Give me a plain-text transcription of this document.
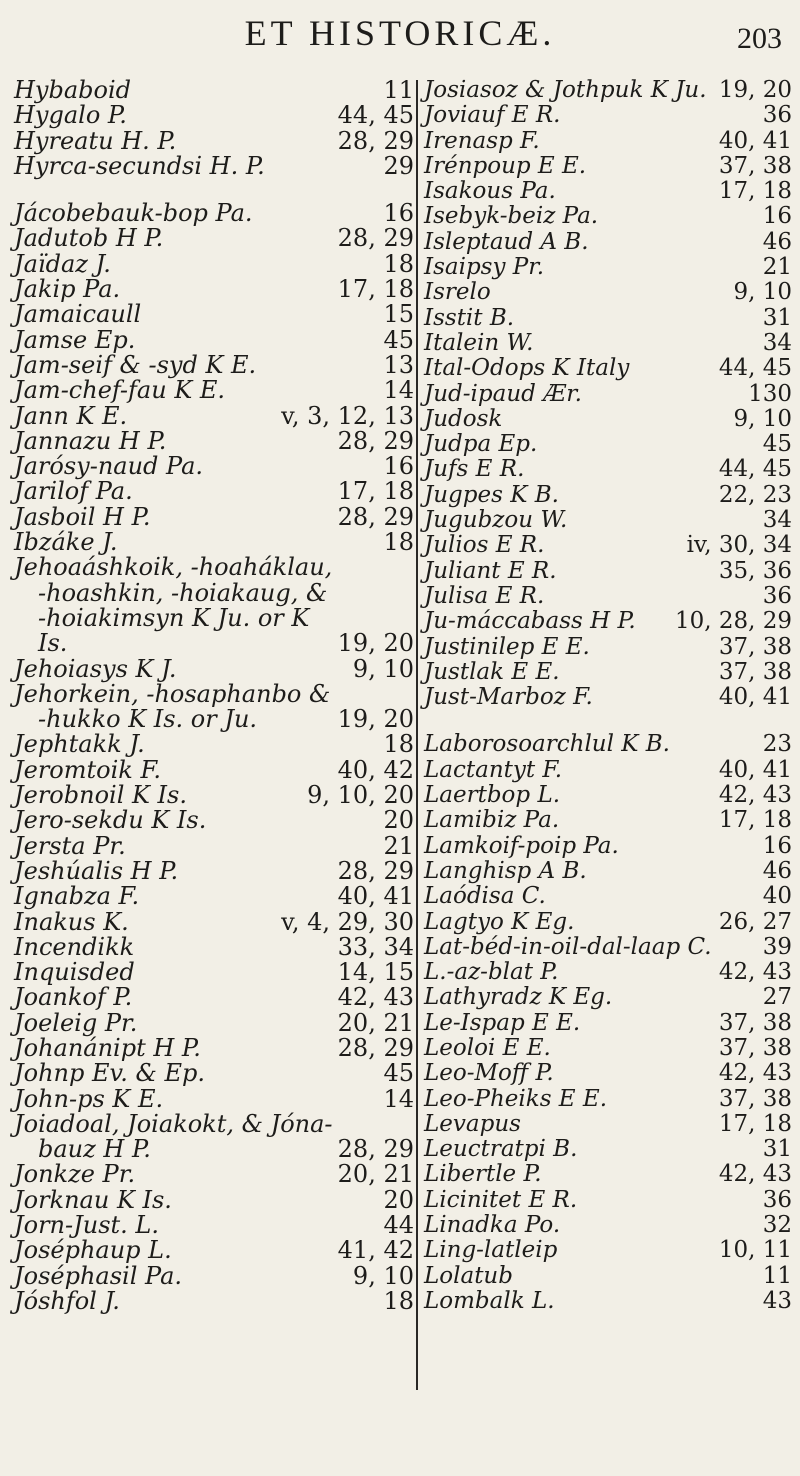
ET HISTORICÆ.	203
Hybaboid	11
Hygalo P.	44, 45
Hyreatu H. P.	28, 29
Hyrca-secundsi H. P.	29
Jácobebauk-bop Pa.	16
Jadutob H P.	28, 29
Jaïdaz J.	18
Jakip Pa.	17, 18
Jamaicaull	15
Jamse Ep.	45
Jam-seif & -syd K E.	13
Jam-chef-fau K E.	14
Jann K E.	v, 3, 12, 13
Jannazu H P.	28, 29
Jarósy-naud Pa.	16
Jarilof Pa.	17, 18
Jasboil H P.	28, 29
Ibzáke J.	18
Jehoaáshkoik, -hoaháklau,
-hoashkin, -hoiakaug, &
-hoiakimsyn K Ju. or K
Is.	19, 20
Jehoiasys K J.	9, 10
Jehorkein, -hosaphanbo &
-hukko K Is. or Ju.	19, 20
Jephtakk J.	18
Jeromtoik F.	40, 42
Jerobnoil K Is.	9, 10, 20
Jero-sekdu K Is.	20
Jersta Pr.	21
Jeshúalis H P.	28, 29
Ignabza F.	40, 41
Inakus K.	v, 4, 29, 30
Incendikk	33, 34
Inquisded	14, 15
Joankof P.	42, 43
Joeleig Pr.	20, 21
Johanánipt H P.	28, 29
Johnp Ev. & Ep.	45
John-ps K E.	14
Joiadoal, Joiakokt, & Jóna-
bauz H P.	28, 29
Jonkze Pr.	20, 21
Jorknau K Is.	20
Jorn-Just. L.	44
Joséphaup L.	41, 42
Joséphasil Pa.	9, 10
Jóshfol J.	18
Josiasoz & Jothpuk K Ju. 19, 20
Joviauf E R.	36
Irenasp F.	40, 41
Irénpoup E E.	37, 38
Isakous Pa.	17, 18
Isebyk-beiz Pa.	16
Isleptaud A B.	46
Isaipsy Pr.	21
Isrelo	9, 10
Isstit B.	31
Italein W.	34
Ital-Odops K Italy	44, 45
Jud-ipaud Ær.	130
Judosk	9, 10
Judpa Ep.	45
Jufs E R.	44, 45
Jugpes K B.	22, 23
Jugubzou W.	34
Julios E R.	iv, 30, 34
Juliant E R.	35, 36
Julisa E R.	36
Ju-máccabass H P. 10, 28, 29
Justinilep E E.	37, 38
Justlak E E.	37, 38
Just-Marboz F.	40, 41
Laborosoarchlul K B.	23
Lactantyt F.	40, 41
Laertbop L.	42, 43
Lamibiz Pa.	17, 18
Lamkoif-poip Pa.	16
Langhisp A B.	46
Laódisa C.	40
Lagtyo K Eg.	26, 27
Lat-béd-in-oil-dal-laap C. 39
L.-az-blat P.	42, 43
Lathyradz K Eg.	27
Le-Ispap E E.	37, 38
Leoloi E E.	37, 38
Leo-Moff P.	42, 43
Leo-Pheiks E E.	37, 38
Levapus	17, 18
Leuctratpi B.	31
Libertle P.	42, 43
Licinitet E R.	36
Linadka Po.	32
Ling-latleip	10, 11
Lolatub	11
Lombalk L.	43
